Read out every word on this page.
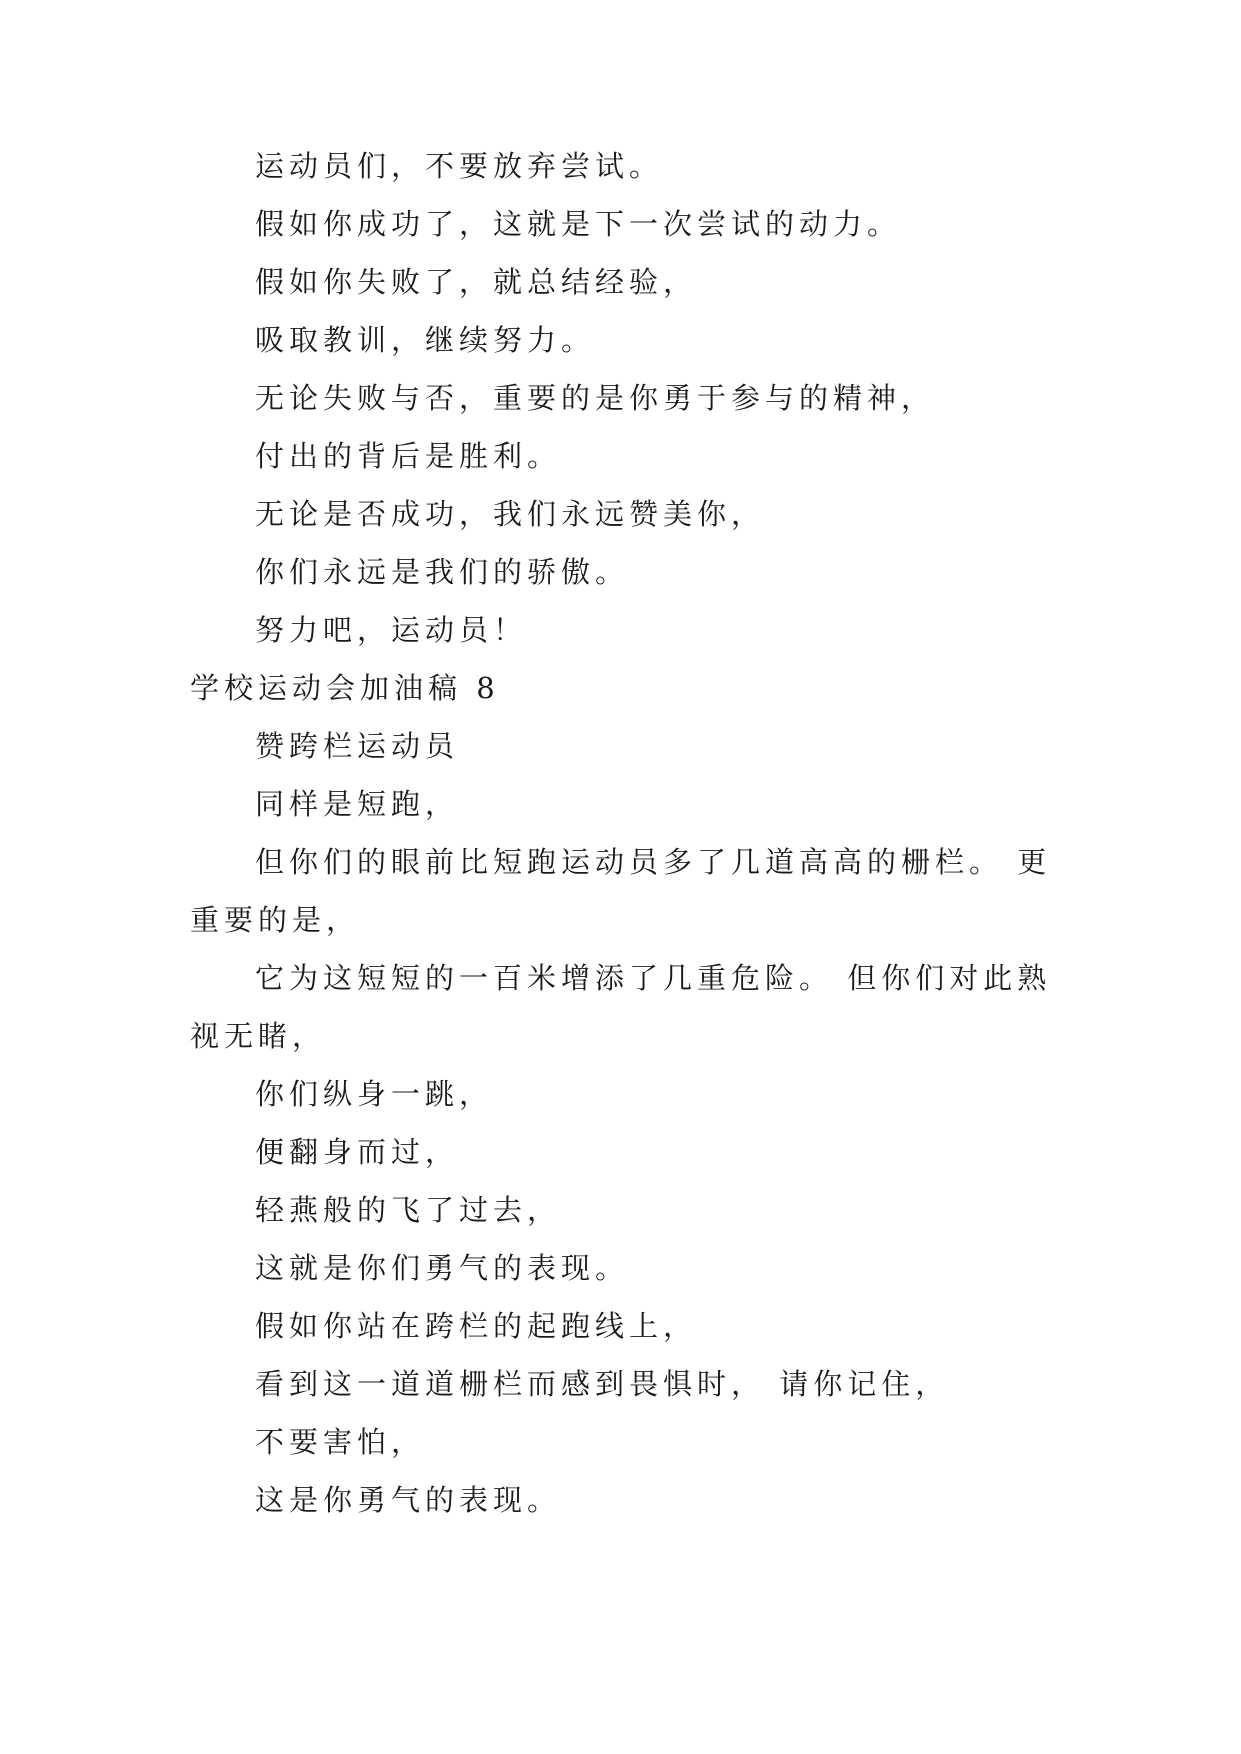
运动员们，不要放弃尝试。
假如你成功了，这就是下一次尝试的动力。
假如你失败了，就总结经验，
吸取教训，继续努力。
无论失败与否，重要的是你勇于参与的精神，
付出的背后是胜利。
无论是否成功，我们永远赞美你，
你们永远是我们的骄傲。
努力吧，运动员！
学校运动会加油稿 8
赞跨栏运动员
同样是短跑，
但你们的眼前比短跑运动员多了几道高高的栅栏。 更
重要的是，
它为这短短的一百米增添了几重危险。 但你们对此熟
视无睹，
你们纵身一跳，
便翻身而过，
轻燕般的飞了过去，
这就是你们勇气的表现。
假如你站在跨栏的起跑线上，
看到这一道道栅栏而感到畏惧时， 请你记住，
不要害怕，
这是你勇气的表现。
